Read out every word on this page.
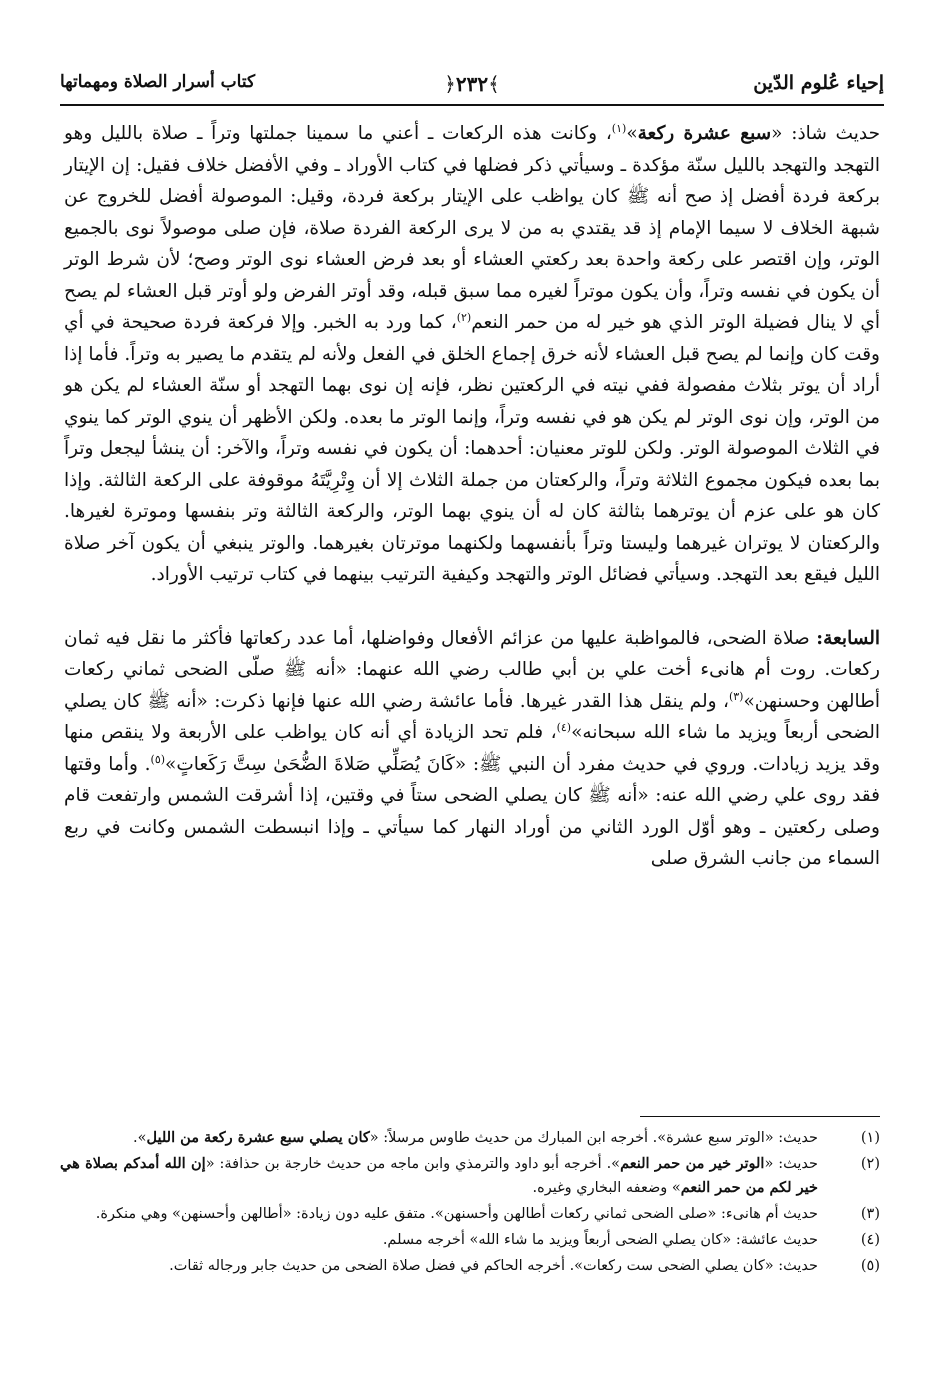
إحياء عُلوم الدّين
﴿٢٣٢﴾
كتاب أسرار الصلاة ومهماتها

حديث شاذ: «سبع عشرة ركعة»$^{(١)}$، وكانت هذه الركعات ـ أعني ما سمينا جملتها وتراً ـ صلاة بالليل وهو التهجد والتهجد بالليل سنّة مؤكدة ـ وسيأتي ذكر فضلها في كتاب الأوراد ـ وفي الأفضل خلاف فقيل: إن الإيتار بركعة فردة أفضل إذ صح أنه ﷺ كان يواظب على الإيتار بركعة فردة، وقيل: الموصولة أفضل للخروج عن شبهة الخلاف لا سيما الإمام إذ قد يقتدي به من لا يرى الركعة الفردة صلاة، فإن صلى موصولاً نوى بالجميع الوتر، وإن اقتصر على ركعة واحدة بعد ركعتي العشاء أو بعد فرض العشاء نوى الوتر وصح؛ لأن شرط الوتر أن يكون في نفسه وتراً، وأن يكون موتراً لغيره مما سبق قبله، وقد أوتر الفرض ولو أوتر قبل العشاء لم يصح أي لا ينال فضيلة الوتر الذي هو خير له من حمر النعم$^{(٢)}$، كما ورد به الخبر. وإلا فركعة فردة صحيحة في أي وقت كان وإنما لم يصح قبل العشاء لأنه خرق إجماع الخلق في الفعل ولأنه لم يتقدم ما يصير به وتراً. فأما إذا أراد أن يوتر بثلاث مفصولة ففي نيته في الركعتين نظر، فإنه إن نوى بهما التهجد أو سنّة العشاء لم يكن هو من الوتر، وإن نوى الوتر لم يكن هو في نفسه وتراً، وإنما الوتر ما بعده. ولكن الأظهر أن ينوي الوتر كما ينوي في الثلاث الموصولة الوتر. ولكن للوتر معنيان: أحدهما: أن يكون في نفسه وتراً، والآخر: أن ينشأ ليجعل وتراً بما بعده فيكون مجموع الثلاثة وتراً، والركعتان من جملة الثلاث إلا أن وِتْرِيَّتَهُ موقوفة على الركعة الثالثة. وإذا كان هو على عزم أن يوترهما بثالثة كان له أن ينوي بهما الوتر، والركعة الثالثة وتر بنفسها وموترة لغيرها. والركعتان لا يوتران غيرهما وليستا وتراً بأنفسهما ولكنهما موترتان بغيرهما. والوتر ينبغي أن يكون آخر صلاة الليل فيقع بعد التهجد. وسيأتي فضائل الوتر والتهجد وكيفية الترتيب بينهما في كتاب ترتيب الأوراد.

السابعة: صلاة الضحى، فالمواظبة عليها من عزائم الأفعال وفواضلها، أما عدد ركعاتها فأكثر ما نقل فيه ثمان ركعات. روت أم هانىء أخت علي بن أبي طالب رضي الله عنهما: «أنه ﷺ صلّى الضحى ثماني ركعات أطالهن وحسنهن»$^{(٣)}$، ولم ينقل هذا القدر غيرها. فأما عائشة رضي الله عنها فإنها ذكرت: «أنه ﷺ كان يصلي الضحى أربعاً ويزيد ما شاء الله سبحانه»$^{(٤)}$، فلم تحد الزيادة أي أنه كان يواظب على الأربعة ولا ينقص منها وقد يزيد زيادات. وروي في حديث مفرد أن النبي ﷺ: «كَانَ يُصَلِّي صَلاةَ الضُّحَىٰ سِتَّ رَكَعاتٍ»$^{(٥)}$. وأما وقتها فقد روى علي رضي الله عنه: «أنه ﷺ كان يصلي الضحى ستاً في وقتين، إذا أشرقت الشمس وارتفعت قام وصلى ركعتين ـ وهو أوّل الورد الثاني من أوراد النهار كما سيأتي ـ وإذا انبسطت الشمس وكانت في ربع السماء من جانب الشرق صلى

(١)
حديث: «الوتر سبع عشرة». أخرجه ابن المبارك من حديث طاوس مرسلاً: «كان يصلي سبع عشرة ركعة من الليل».
(٢)
حديث: «الوتر خير من حمر النعم». أخرجه أبو داود والترمذي وابن ماجه من حديث خارجة بن حذافة: «إن الله أمدكم بصلاة هي خير لكم من حمر النعم» وضعفه البخاري وغيره.
(٣)
حديث أم هانىء: «صلى الضحى ثماني ركعات أطالهن وأحسنهن». متفق عليه دون زيادة: «أطالهن وأحسنهن» وهي منكرة.
(٤)
حديث عائشة: «كان يصلي الضحى أربعاً ويزيد ما شاء الله» أخرجه مسلم.
(٥)
حديث: «كان يصلي الضحى ست ركعات». أخرجه الحاكم في فضل صلاة الضحى من حديث جابر ورجاله ثقات.
